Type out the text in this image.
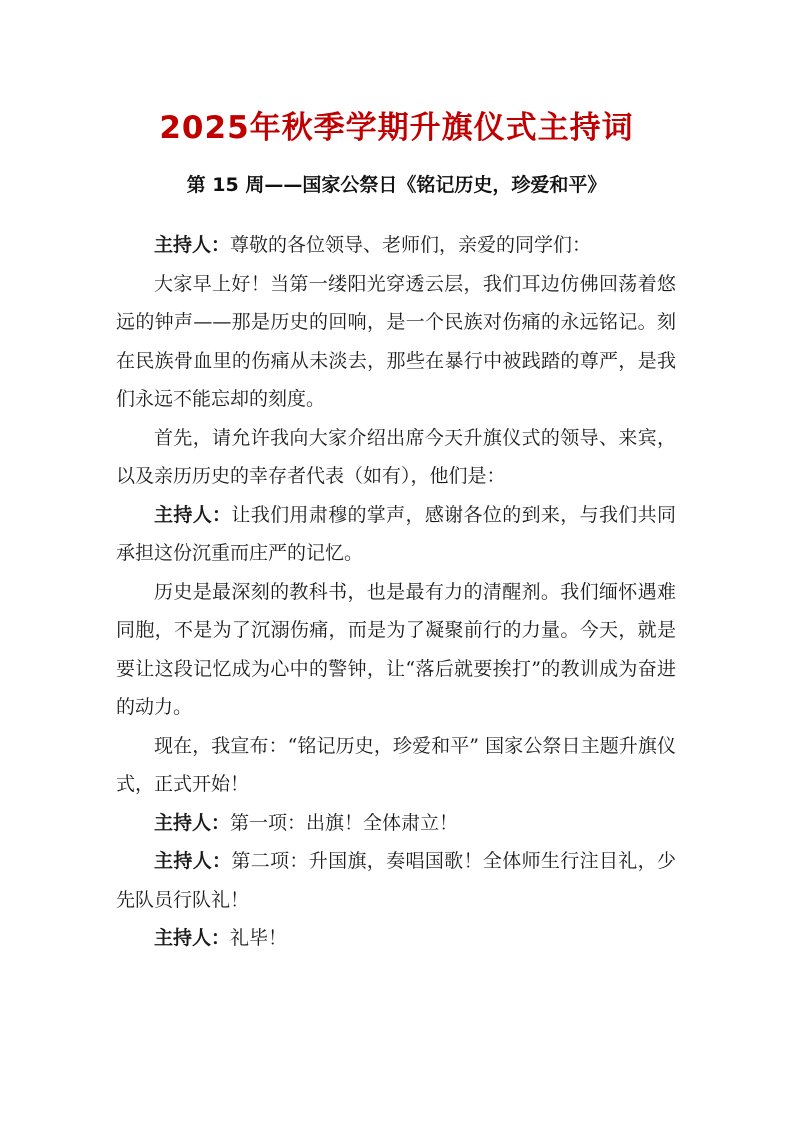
2025年秋季学期升旗仪式主持词
第 15 周——国家公祭日《铭记历史，珍爱和平》

主持人：尊敬的各位领导、老师们，亲爱的同学们：

大家早上好！当第一缕阳光穿透云层，我们耳边仿佛回荡着悠远的钟声——那是历史的回响，是一个民族对伤痛的永远铭记。刻在民族骨血里的伤痛从未淡去，那些在暴行中被践踏的尊严，是我们永远不能忘却的刻度。

首先，请允许我向大家介绍出席今天升旗仪式的领导、来宾，以及亲历历史的幸存者代表（如有），他们是：

主持人：让我们用肃穆的掌声，感谢各位的到来，与我们共同承担这份沉重而庄严的记忆。

历史是最深刻的教科书，也是最有力的清醒剂。我们缅怀遇难同胞，不是为了沉溺伤痛，而是为了凝聚前行的力量。今天，就是要让这段记忆成为心中的警钟，让“落后就要挨打”的教训成为奋进的动力。

现在，我宣布：“铭记历史，珍爱和平” 国家公祭日主题升旗仪式，正式开始！

主持人：第一项：出旗！全体肃立！

主持人：第二项：升国旗，奏唱国歌！全体师生行注目礼，少先队员行队礼！

主持人：礼毕！
